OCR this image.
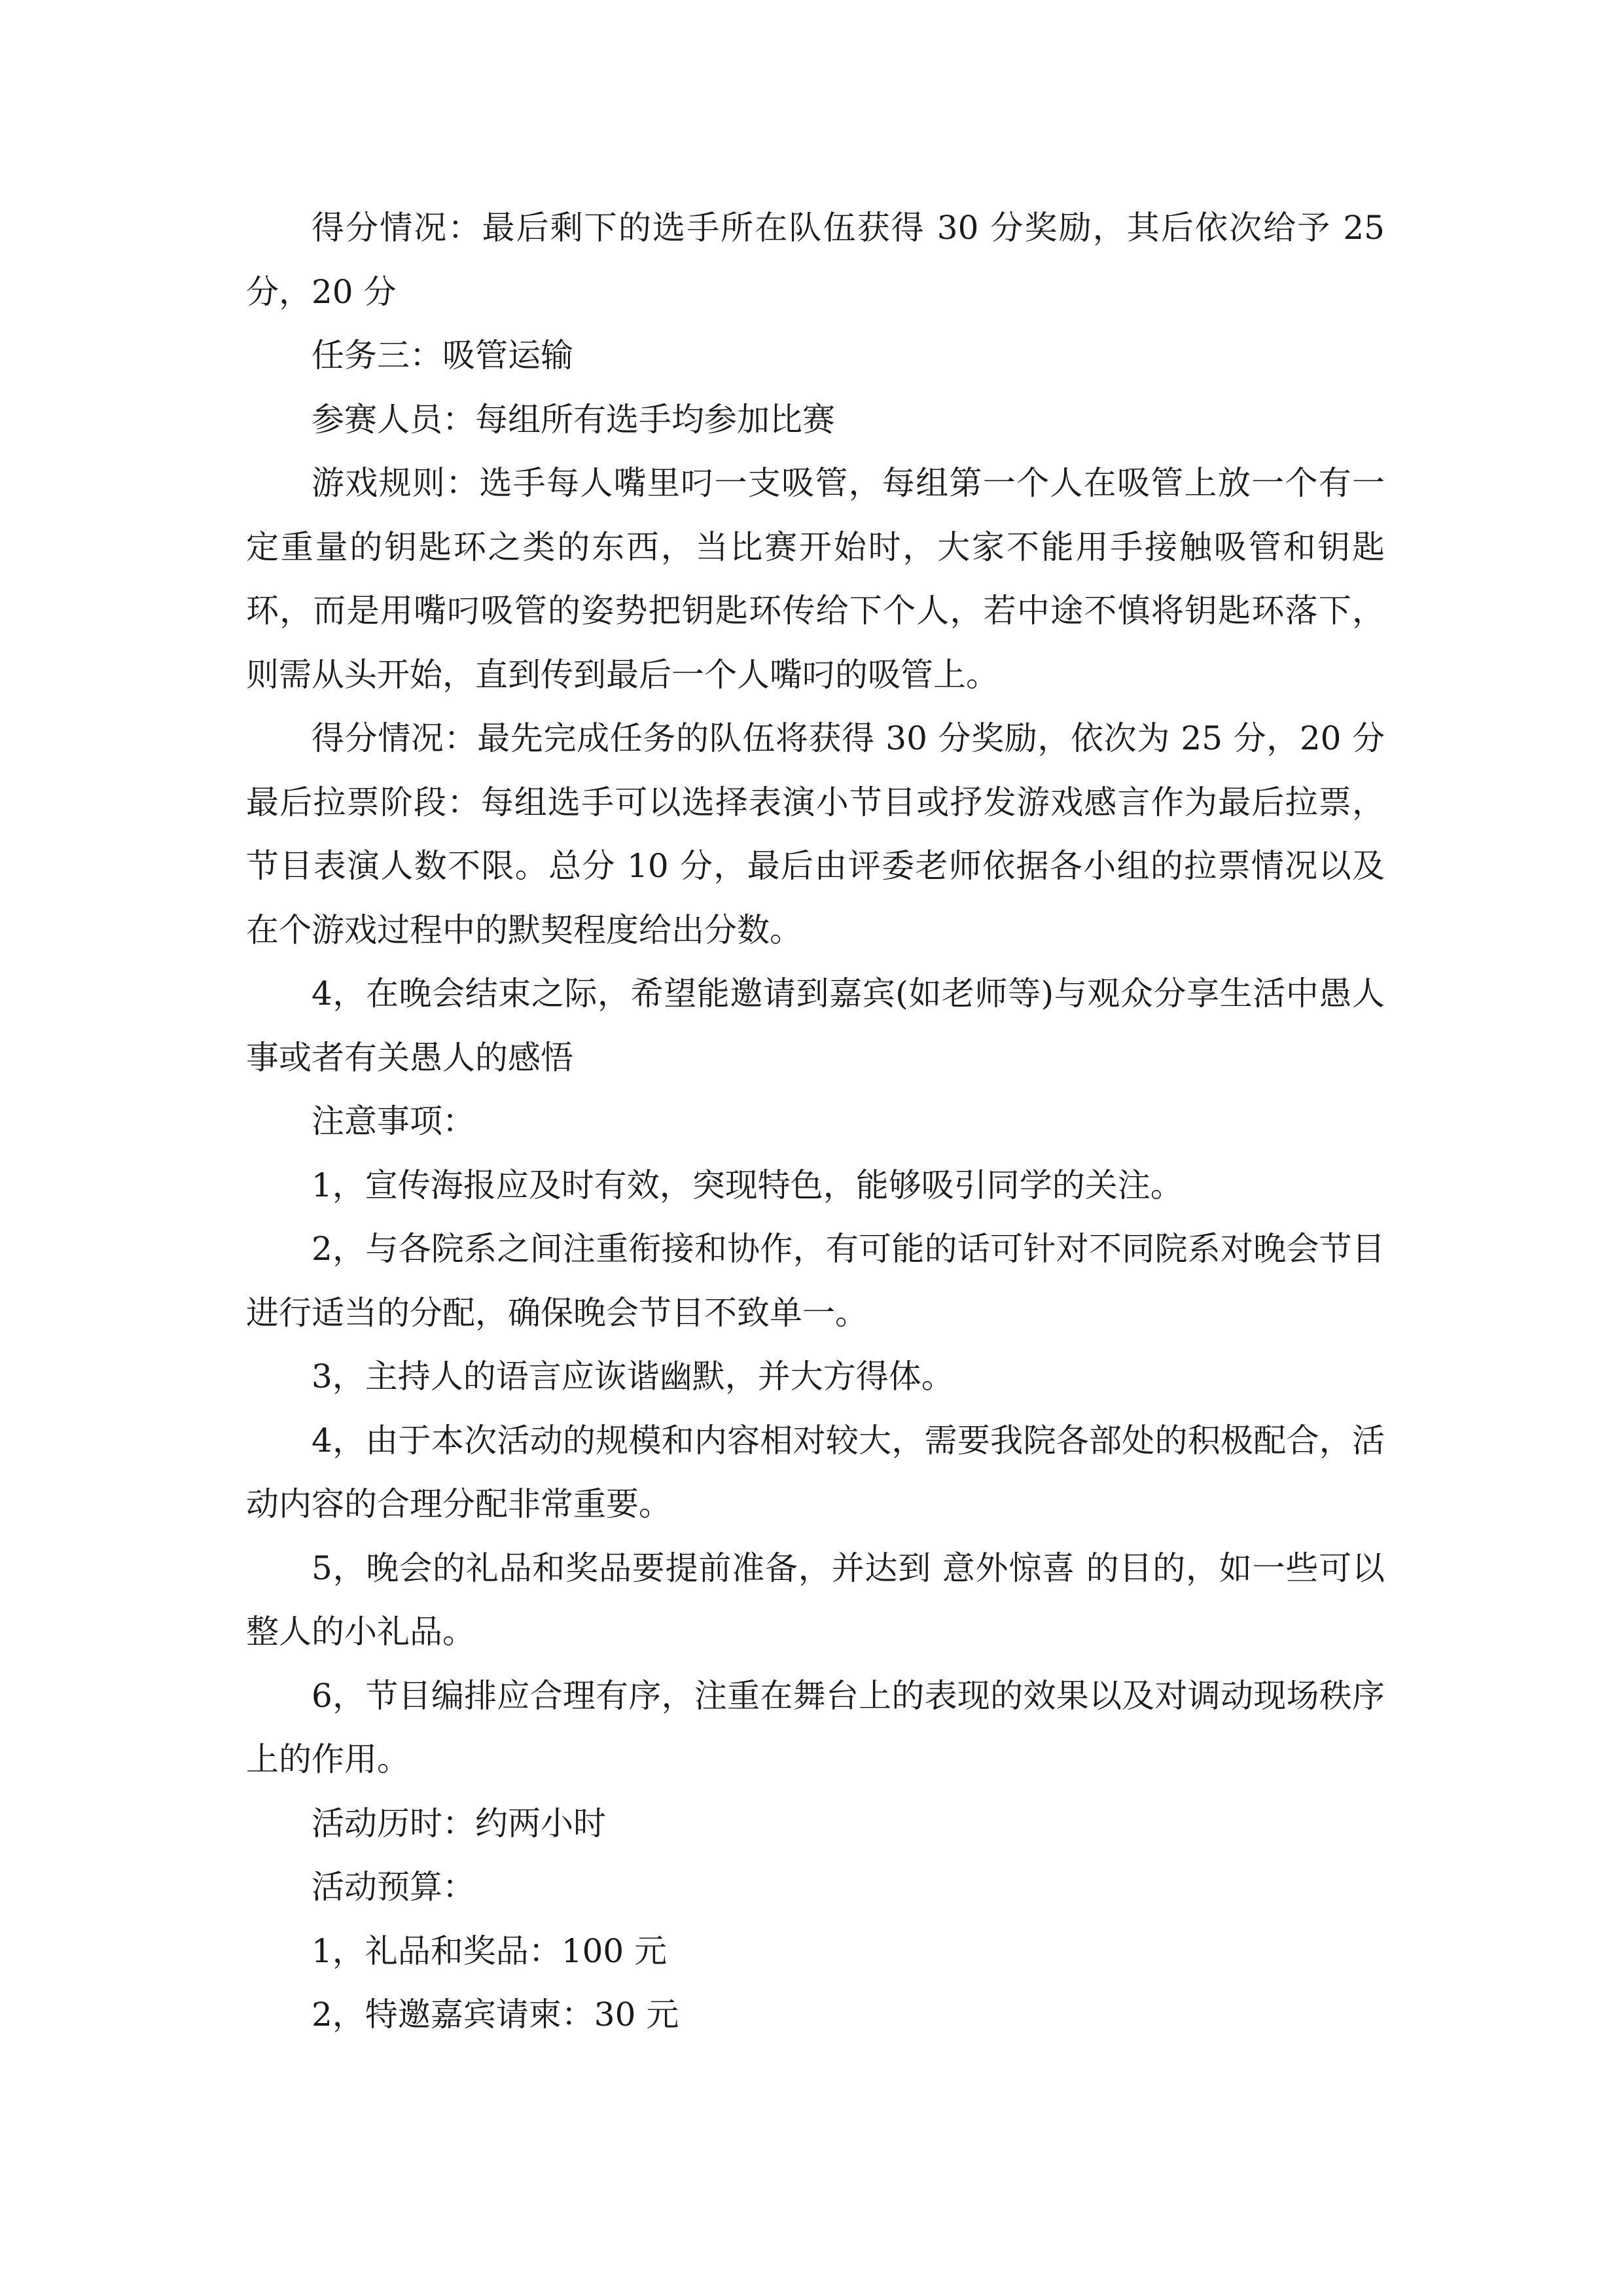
得分情况：最后剩下的选手所在队伍获得 30 分奖励，其后依次给予 25 分，20 分

任务三：吸管运输

参赛人员：每组所有选手均参加比赛

游戏规则：选手每人嘴里叼一支吸管，每组第一个人在吸管上放一个有一定重量的钥匙环之类的东西，当比赛开始时，大家不能用手接触吸管和钥匙环，而是用嘴叼吸管的姿势把钥匙环传给下个人，若中途不慎将钥匙环落下，则需从头开始，直到传到最后一个人嘴叼的吸管上。

得分情况：最先完成任务的队伍将获得 30 分奖励，依次为 25 分，20 分 最后拉票阶段：每组选手可以选择表演小节目或抒发游戏感言作为最后拉票，节目表演人数不限。总分 10 分，最后由评委老师依据各小组的拉票情况以及在个游戏过程中的默契程度给出分数。

4，在晚会结束之际，希望能邀请到嘉宾(如老师等)与观众分享生活中愚人事或者有关愚人的感悟

注意事项：

1，宣传海报应及时有效，突现特色，能够吸引同学的关注。

2，与各院系之间注重衔接和协作，有可能的话可针对不同院系对晚会节目进行适当的分配，确保晚会节目不致单一。

3，主持人的语言应诙谐幽默，并大方得体。

4，由于本次活动的规模和内容相对较大，需要我院各部处的积极配合，活动内容的合理分配非常重要。

5，晚会的礼品和奖品要提前准备，并达到 意外惊喜 的目的，如一些可以整人的小礼品。

6，节目编排应合理有序，注重在舞台上的表现的效果以及对调动现场秩序上的作用。

活动历时：约两小时

活动预算：

1，礼品和奖品：100 元

2，特邀嘉宾请柬：30 元
